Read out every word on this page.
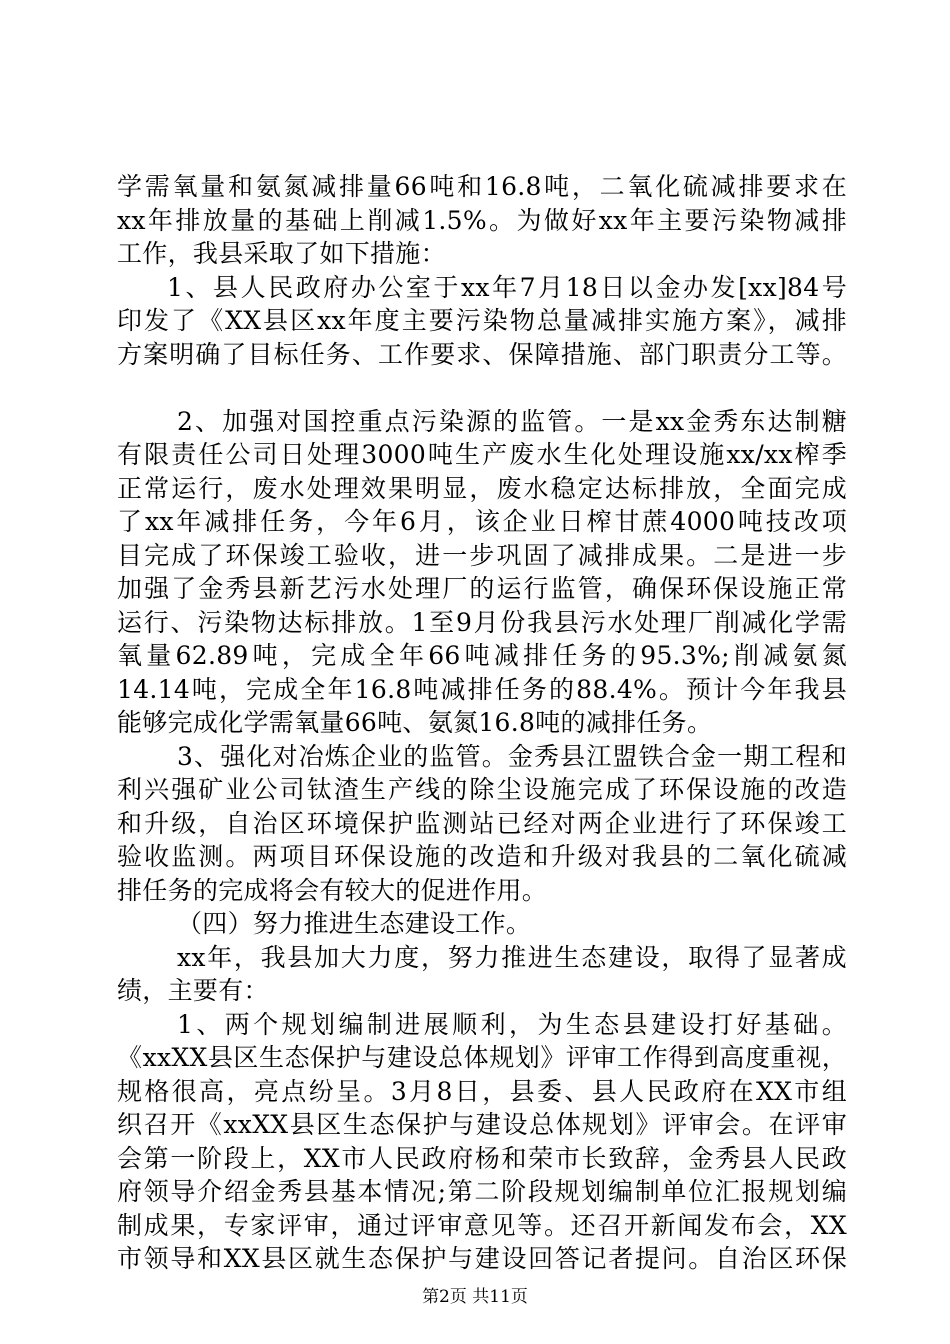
学需氧量和氨氮减排量66吨和16.8吨，二氧化硫减排要求在
xx年排放量的基础上削减1.5%。为做好xx年主要污染物减排
工作，我县采取了如下措施：
1、县人民政府办公室于xx年7月18日以金办发[xx]84号
印发了《XX县区xx年度主要污染物总量减排实施方案》，减排
方案明确了目标任务、工作要求、保障措施、部门职责分工等。
2、加强对国控重点污染源的监管。一是xx金秀东达制糖
有限责任公司日处理3000吨生产废水生化处理设施xx/xx榨季
正常运行，废水处理效果明显，废水稳定达标排放，全面完成
了xx年减排任务，今年6月，该企业日榨甘蔗4000吨技改项
目完成了环保竣工验收，进一步巩固了减排成果。二是进一步
加强了金秀县新艺污水处理厂的运行监管，确保环保设施正常
运行、污染物达标排放。1至9月份我县污水处理厂削减化学需
氧量62.89吨，完成全年66吨减排任务的95.3%;削减氨氮
14.14吨，完成全年16.8吨减排任务的88.4%。预计今年我县
能够完成化学需氧量66吨、氨氮16.8吨的减排任务。
3、强化对冶炼企业的监管。金秀县江盟铁合金一期工程和
利兴强矿业公司钛渣生产线的除尘设施完成了环保设施的改造
和升级，自治区环境保护监测站已经对两企业进行了环保竣工
验收监测。两项目环保设施的改造和升级对我县的二氧化硫减
排任务的完成将会有较大的促进作用。
（四）努力推进生态建设工作。
xx年，我县加大力度，努力推进生态建设，取得了显著成
绩，主要有：
1、两个规划编制进展顺利，为生态县建设打好基础。
《xxXX县区生态保护与建设总体规划》评审工作得到高度重视，
规格很高，亮点纷呈。3月8日，县委、县人民政府在XX市组
织召开《xxXX县区生态保护与建设总体规划》评审会。在评审
会第一阶段上，XX市人民政府杨和荣市长致辞，金秀县人民政
府领导介绍金秀县基本情况;第二阶段规划编制单位汇报规划编
制成果，专家评审，通过评审意见等。还召开新闻发布会，XX
市领导和XX县区就生态保护与建设回答记者提问。自治区环保
第2页 共11页
